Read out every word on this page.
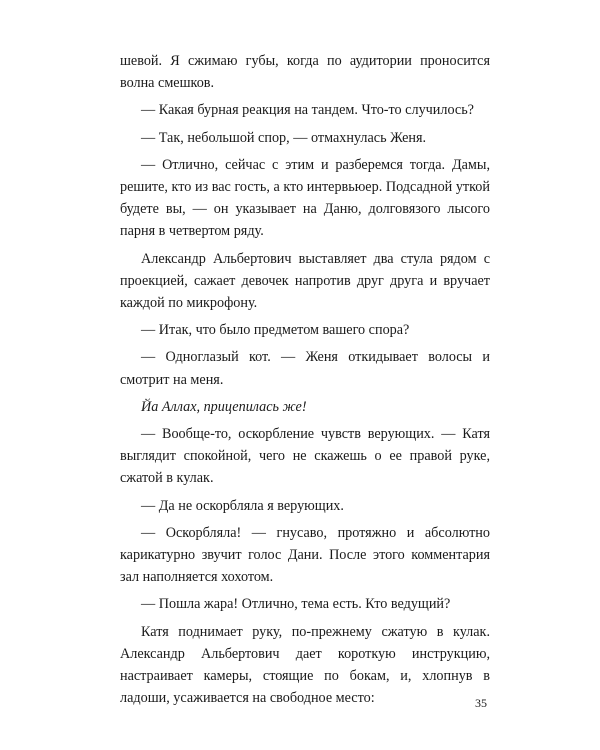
шевой. Я сжимаю губы, когда по аудитории проносится волна смешков.

— Какая бурная реакция на тандем. Что-то случилось?

— Так, небольшой спор, — отмахнулась Женя.

— Отлично, сейчас с этим и разберемся тогда. Дамы, решите, кто из вас гость, а кто интервьюер. Подсадной уткой будете вы, — он указывает на Даню, долговязого лысого парня в четвертом ряду.

Александр Альбертович выставляет два стула рядом с проекцией, сажает девочек напротив друг друга и вручает каждой по микрофону.

— Итак, что было предметом вашего спора?

— Одноглазый кот. — Женя откидывает волосы и смотрит на меня.

Йа Аллах, прицепилась же!

— Вообще-то, оскорбление чувств верующих. — Катя выглядит спокойной, чего не скажешь о ее правой руке, сжатой в кулак.

— Да не оскорбляла я верующих.

— Оскорбляла! — гнусаво, протяжно и абсолютно карикатурно звучит голос Дани. После этого комментария зал наполняется хохотом.

— Пошла жара! Отлично, тема есть. Кто ведущий?

Катя поднимает руку, по-прежнему сжатую в кулак. Александр Альбертович дает короткую инструкцию, настраивает камеры, стоящие по бокам, и, хлопнув в ладоши, усаживается на свободное место:	35
